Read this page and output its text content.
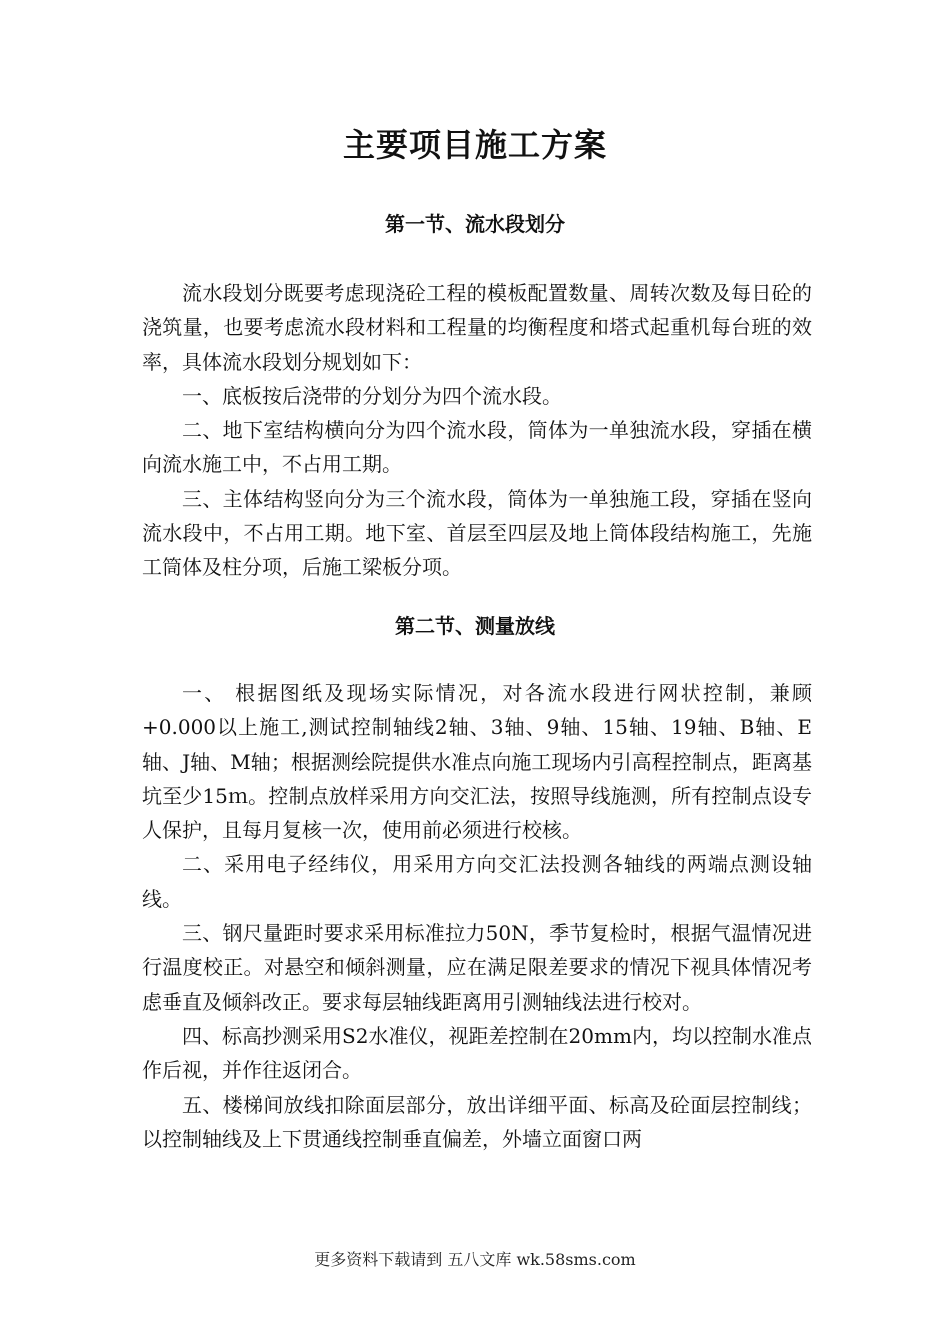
主要项目施工方案
第一节、流水段划分

流水段划分既要考虑现浇砼工程的模板配置数量、周转次数及每日砼的浇筑量，也要考虑流水段材料和工程量的均衡程度和塔式起重机每台班的效率，具体流水段划分规划如下：

一、底板按后浇带的分划分为四个流水段。

二、地下室结构横向分为四个流水段，筒体为一单独流水段，穿插在横向流水施工中，不占用工期。

三、主体结构竖向分为三个流水段，筒体为一单独施工段，穿插在竖向流水段中，不占用工期。地下室、首层至四层及地上筒体段结构施工，先施工筒体及柱分项，后施工梁板分项。

第二节、测量放线

一、 根据图纸及现场实际情况，对各流水段进行网状控制，兼顾+0.000以上施工,测试控制轴线2轴、3轴、9轴、15轴、19轴、B轴、E轴、J轴、M轴；根据测绘院提供水准点向施工现场内引高程控制点，距离基坑至少15ｍ。控制点放样采用方向交汇法，按照导线施测，所有控制点设专人保护，且每月复核一次，使用前必须进行校核。

二、采用电子经纬仪，用采用方向交汇法投测各轴线的两端点测设轴线。

三、钢尺量距时要求采用标准拉力50N，季节复检时，根据气温情况进行温度校正。对悬空和倾斜测量，应在满足限差要求的情况下视具体情况考虑垂直及倾斜改正。要求每层轴线距离用引测轴线法进行校对。

四、标高抄测采用S2水准仪，视距差控制在20mm内，均以控制水准点作后视，并作往返闭合。

五、楼梯间放线扣除面层部分，放出详细平面、标高及砼面层控制线；以控制轴线及上下贯通线控制垂直偏差，外墙立面窗口两

更多资料下载请到 五八文库 wk.58sms.com
